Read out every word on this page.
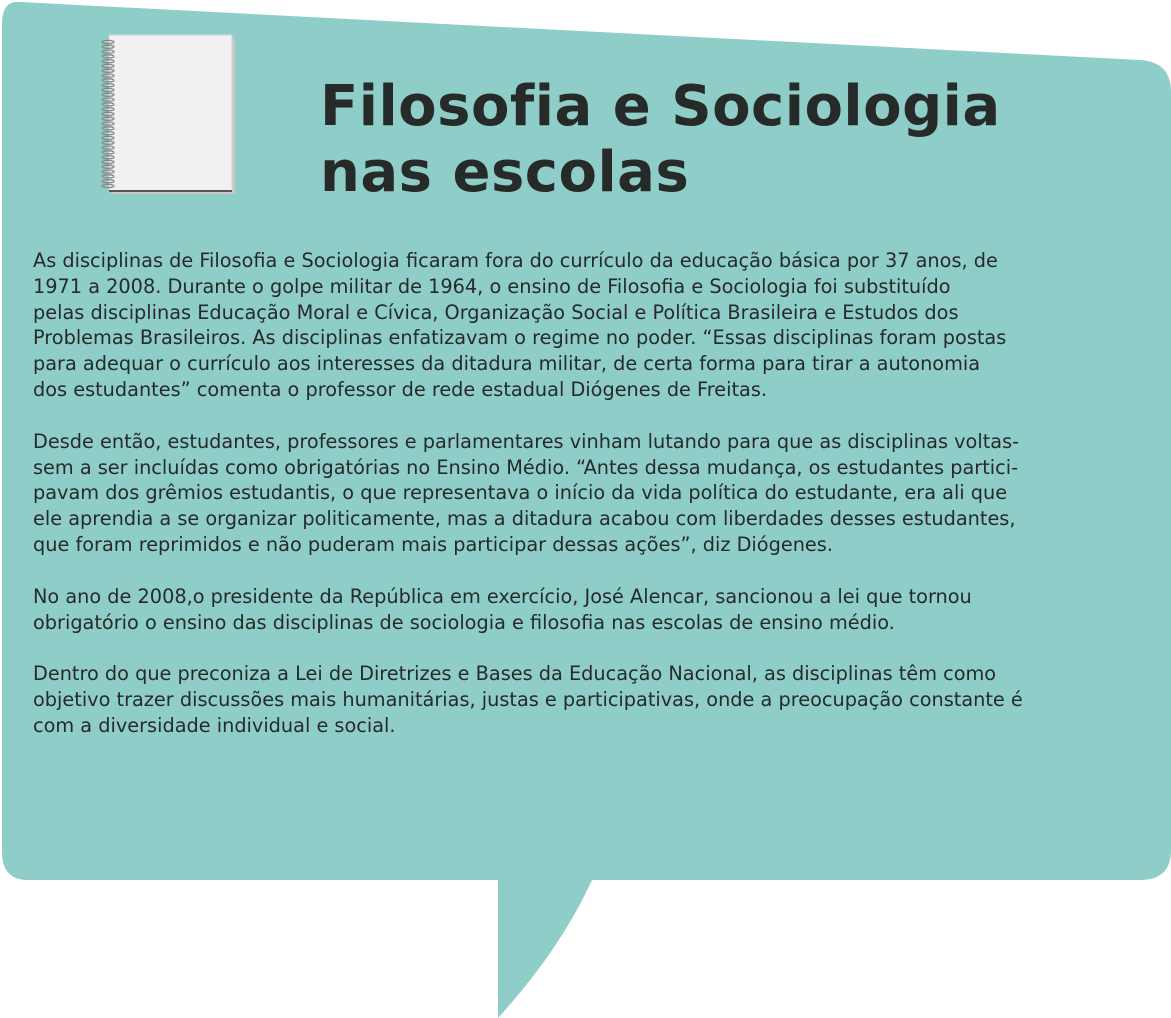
Filosofia e Sociologia
nas escolas

As disciplinas de Filosofia e Sociologia ficaram fora do currículo da educação básica por 37 anos, de
1971 a 2008. Durante o golpe militar de 1964, o ensino de Filosofia e Sociologia foi substituído
pelas disciplinas Educação Moral e Cívica, Organização Social e Política Brasileira e Estudos dos
Problemas Brasileiros. As disciplinas enfatizavam o regime no poder. “Essas disciplinas foram postas
para adequar o currículo aos interesses da ditadura militar, de certa forma para tirar a autonomia
dos estudantes” comenta o professor de rede estadual Diógenes de Freitas.

Desde então, estudantes, professores e parlamentares vinham lutando para que as disciplinas voltas-
sem a ser incluídas como obrigatórias no Ensino Médio. “Antes dessa mudança, os estudantes partici-
pavam dos grêmios estudantis, o que representava o início da vida política do estudante, era ali que
ele aprendia a se organizar politicamente, mas a ditadura acabou com liberdades desses estudantes,
que foram reprimidos e não puderam mais participar dessas ações”, diz Diógenes.

No ano de 2008,o presidente da República em exercício, José Alencar, sancionou a lei que tornou
obrigatório o ensino das disciplinas de sociologia e filosofia nas escolas de ensino médio.

Dentro do que preconiza a Lei de Diretrizes e Bases da Educação Nacional, as disciplinas têm como
objetivo trazer discussões mais humanitárias, justas e participativas, onde a preocupação constante é
com a diversidade individual e social.
